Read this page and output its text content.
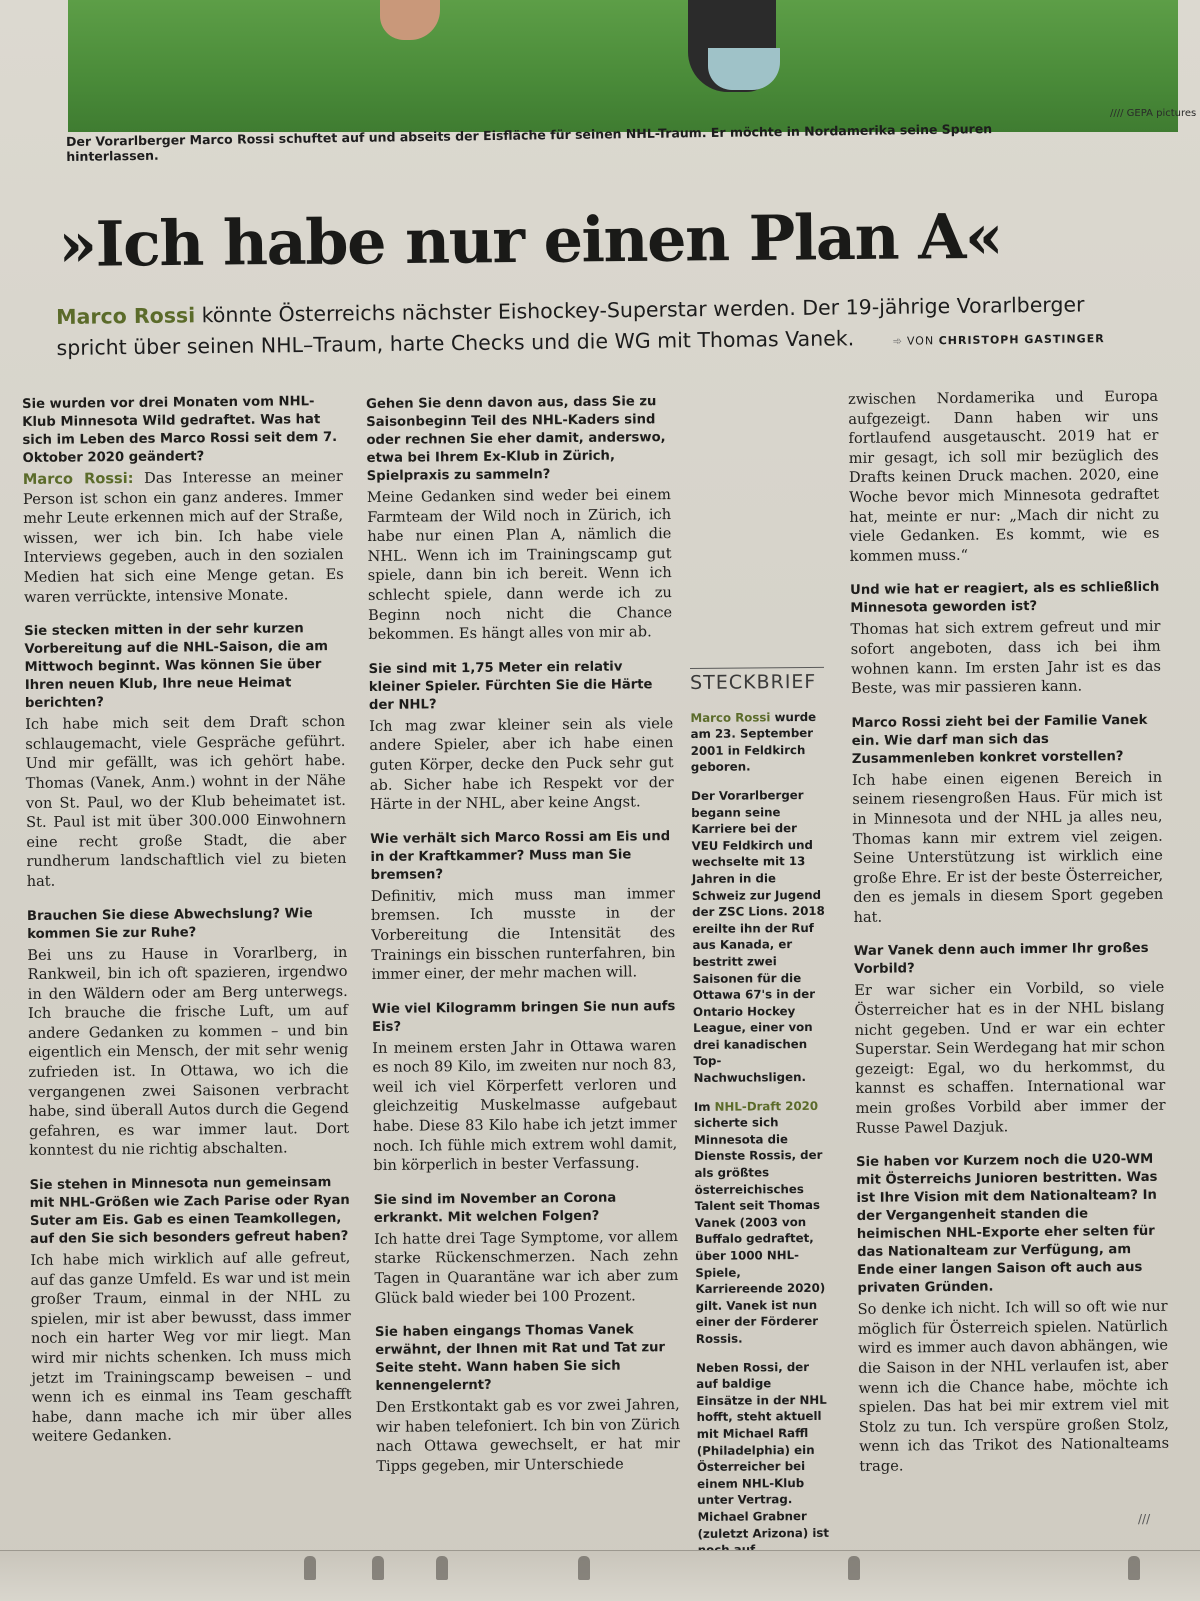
//// GEPA pictures
Der Vorarlberger Marco Rossi schuftet auf und abseits der Eisfläche für seinen NHL-Traum. Er möchte in Nordamerika seine Spuren hinterlassen.
»Ich habe nur einen Plan A«
Marco Rossi könnte Österreichs nächster Eishockey-Superstar werden. Der 19-jährige Vorarlberger spricht über seinen NHL–Traum, harte Checks und die WG mit Thomas Vanek.	➾ VON CHRISTOPH GASTINGER

Sie wurden vor drei Monaten vom NHL-Klub Minnesota Wild gedraftet. Was hat sich im Leben des Marco Rossi seit dem 7. Oktober 2020 geändert?

Marco Rossi: Das Interesse an meiner Person ist schon ein ganz anderes. Immer mehr Leute erkennen mich auf der Straße, wissen, wer ich bin. Ich habe viele Interviews gegeben, auch in den sozialen Medien hat sich eine Menge getan. Es waren verrückte, intensive Monate.

Sie stecken mitten in der sehr kurzen Vorbereitung auf die NHL-Saison, die am Mittwoch beginnt. Was können Sie über Ihren neuen Klub, Ihre neue Heimat berichten?

Ich habe mich seit dem Draft schon schlaugemacht, viele Gespräche geführt. Und mir gefällt, was ich gehört habe. Thomas (Vanek, Anm.) wohnt in der Nähe von St. Paul, wo der Klub beheimatet ist. St. Paul ist mit über 300.000 Einwohnern eine recht große Stadt, die aber rundherum landschaftlich viel zu bieten hat.

Brauchen Sie diese Abwechslung? Wie kommen Sie zur Ruhe?

Bei uns zu Hause in Vorarlberg, in Rankweil, bin ich oft spazieren, irgendwo in den Wäldern oder am Berg unterwegs. Ich brauche die frische Luft, um auf andere Gedanken zu kommen – und bin eigentlich ein Mensch, der mit sehr wenig zufrieden ist. In Ottawa, wo ich die vergangenen zwei Saisonen verbracht habe, sind überall Autos durch die Gegend gefahren, es war immer laut. Dort konntest du nie richtig abschalten.

Sie stehen in Minnesota nun gemeinsam mit NHL-Größen wie Zach Parise oder Ryan Suter am Eis. Gab es einen Teamkollegen, auf den Sie sich besonders gefreut haben?

Ich habe mich wirklich auf alle gefreut, auf das ganze Umfeld. Es war und ist mein großer Traum, einmal in der NHL zu spielen, mir ist aber bewusst, dass immer noch ein harter Weg vor mir liegt. Man wird mir nichts schenken. Ich muss mich jetzt im Trainingscamp beweisen – und wenn ich es einmal ins Team geschafft habe, dann mache ich mir über alles weitere Gedanken.

Gehen Sie denn davon aus, dass Sie zu Saisonbeginn Teil des NHL-Kaders sind oder rechnen Sie eher damit, anderswo, etwa bei Ihrem Ex-Klub in Zürich, Spielpraxis zu sammeln?

Meine Gedanken sind weder bei einem Farmteam der Wild noch in Zürich, ich habe nur einen Plan A, nämlich die NHL. Wenn ich im Trainingscamp gut spiele, dann bin ich bereit. Wenn ich schlecht spiele, dann werde ich zu Beginn noch nicht die Chance bekommen. Es hängt alles von mir ab.

Sie sind mit 1,75 Meter ein relativ kleiner Spieler. Fürchten Sie die Härte der NHL?

Ich mag zwar kleiner sein als viele andere Spieler, aber ich habe einen guten Körper, decke den Puck sehr gut ab. Sicher habe ich Respekt vor der Härte in der NHL, aber keine Angst.

Wie verhält sich Marco Rossi am Eis und in der Kraftkammer? Muss man Sie bremsen?

Definitiv, mich muss man immer bremsen. Ich musste in der Vorbereitung die Intensität des Trainings ein bisschen runterfahren, bin immer einer, der mehr machen will.

Wie viel Kilogramm bringen Sie nun aufs Eis?

In meinem ersten Jahr in Ottawa waren es noch 89 Kilo, im zweiten nur noch 83, weil ich viel Körperfett verloren und gleichzeitig Muskelmasse aufgebaut habe. Diese 83 Kilo habe ich jetzt immer noch. Ich fühle mich extrem wohl damit, bin körperlich in bester Verfassung.

Sie sind im November an Corona erkrankt. Mit welchen Folgen?

Ich hatte drei Tage Symptome, vor allem starke Rückenschmerzen. Nach zehn Tagen in Quarantäne war ich aber zum Glück bald wieder bei 100 Prozent.

Sie haben eingangs Thomas Vanek erwähnt, der Ihnen mit Rat und Tat zur Seite steht. Wann haben Sie sich kennengelernt?

Den Erstkontakt gab es vor zwei Jahren, wir haben telefoniert. Ich bin von Zürich nach Ottawa gewechselt, er hat mir Tipps gegeben, mir Unterschiede

STECKBRIEF

Marco Rossi wurde am 23. September 2001 in Feldkirch geboren.

Der Vorarlberger begann seine Karriere bei der VEU Feldkirch und wechselte mit 13 Jahren in die Schweiz zur Jugend der ZSC Lions. 2018 ereilte ihn der Ruf aus Kanada, er bestritt zwei Saisonen für die Ottawa 67's in der Ontario Hockey League, einer von drei kanadischen Top-Nachwuchsligen.

Im NHL-Draft 2020 sicherte sich Minnesota die Dienste Rossis, der als größtes österreichisches Talent seit Thomas Vanek (2003 von Buffalo gedraftet, über 1000 NHL-Spiele, Karriereende 2020) gilt. Vanek ist nun einer der Förderer Rossis.

Neben Rossi, der auf baldige Einsätze in der NHL hofft, steht aktuell mit Michael Raffl (Philadelphia) ein Österreicher bei einem NHL-Klub unter Vertrag. Michael Grabner (zuletzt Arizona) ist

zwischen Nordamerika und Europa aufgezeigt. Dann haben wir uns fortlaufend ausgetauscht. 2019 hat er mir gesagt, ich soll mir bezüglich des Drafts keinen Druck machen. 2020, eine Woche bevor mich Minnesota gedraftet hat, meinte er nur: „Mach dir nicht zu viele Gedanken. Es kommt, wie es kommen muss.“

Und wie hat er reagiert, als es schließlich Minnesota geworden ist?

Thomas hat sich extrem gefreut und mir sofort angeboten, dass ich bei ihm wohnen kann. Im ersten Jahr ist es das Beste, was mir passieren kann.

Marco Rossi zieht bei der Familie Vanek ein. Wie darf man sich das Zusammenleben konkret vorstellen?

Ich habe einen eigenen Bereich in seinem riesengroßen Haus. Für mich ist in Minnesota und der NHL ja alles neu, Thomas kann mir extrem viel zeigen. Seine Unterstützung ist wirklich eine große Ehre. Er ist der beste Österreicher, den es jemals in diesem Sport gegeben hat.

War Vanek denn auch immer Ihr großes Vorbild?

Er war sicher ein Vorbild, so viele Österreicher hat es in der NHL bislang nicht gegeben. Und er war ein echter Superstar. Sein Werdegang hat mir schon gezeigt: Egal, wo du herkommst, du kannst es schaffen. International war mein großes Vorbild aber immer der Russe Pawel Dazjuk.

Sie haben vor Kurzem noch die U20-WM mit Österreichs Junioren bestritten. Was ist Ihre Vision mit dem Nationalteam? In der Vergangenheit standen die heimischen NHL-Exporte eher selten für das Nationalteam zur Verfügung, am Ende einer langen Saison oft auch aus privaten Gründen.

So denke ich nicht. Ich will so oft wie nur möglich für Österreich spielen. Natürlich wird es immer auch davon abhängen, wie die Saison in der NHL verlaufen ist, aber wenn ich die Chance habe, möchte ich spielen. Das hat bei mir extrem viel mit Stolz zu tun. Ich verspüre großen Stolz, wenn ich das Trikot des Nationalteams trage.

///
